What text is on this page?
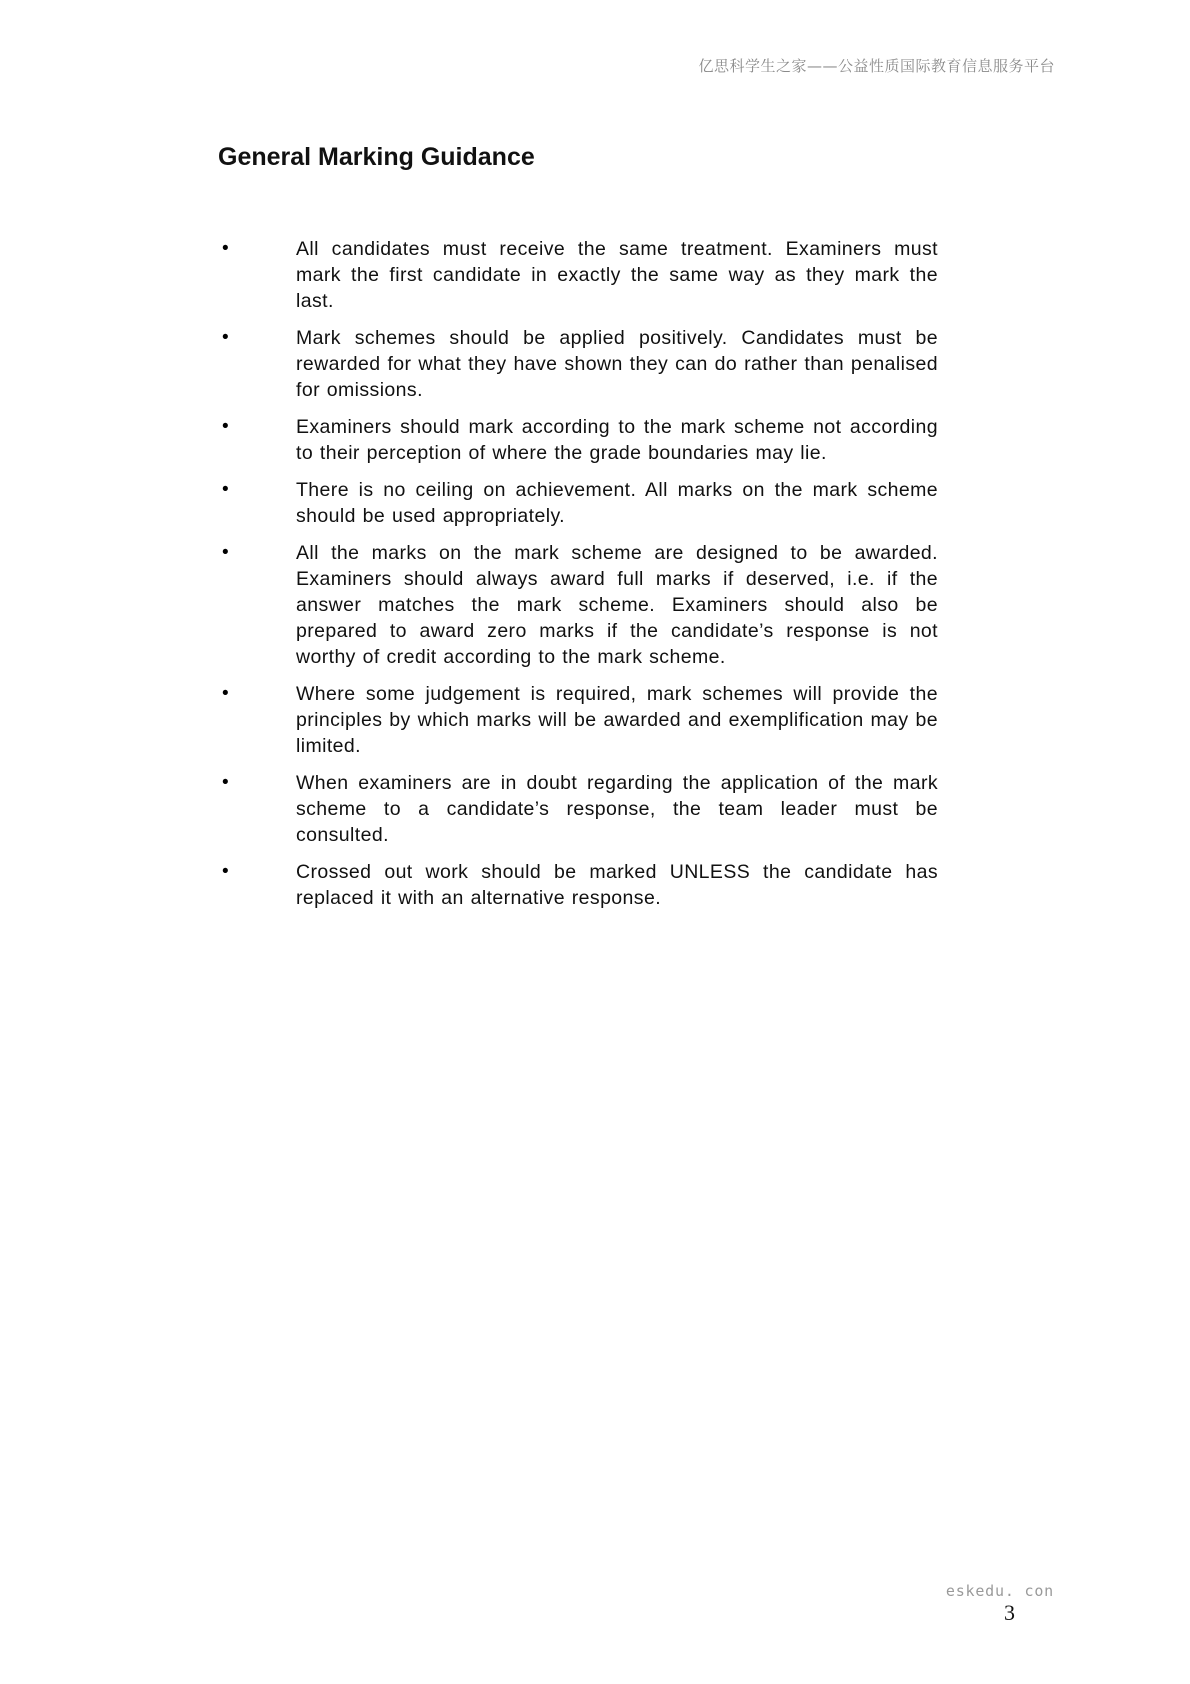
亿思科学生之家——公益性质国际教育信息服务平台
General Marking Guidance
•	All candidates must receive the same treatment. Examiners must mark the first candidate in exactly the same way as they mark the last.
•	Mark schemes should be applied positively. Candidates must be rewarded for what they have shown they can do rather than penalised for omissions.
•	Examiners should mark according to the mark scheme not according to their perception of where the grade boundaries may lie.
•	There is no ceiling on achievement. All marks on the mark scheme should be used appropriately.
•	All the marks on the mark scheme are designed to be awarded. Examiners should always award full marks if deserved, i.e. if the answer matches the mark scheme. Examiners should also be prepared to award zero marks if the candidate’s response is not worthy of credit according to the mark scheme.
•	Where some judgement is required, mark schemes will provide the principles by which marks will be awarded and exemplification may be limited.
•	When examiners are in doubt regarding the application of the mark scheme to a candidate’s response, the team leader must be consulted.
•	Crossed out work should be marked UNLESS the candidate has replaced it with an alternative response.
eskedu. con
3
